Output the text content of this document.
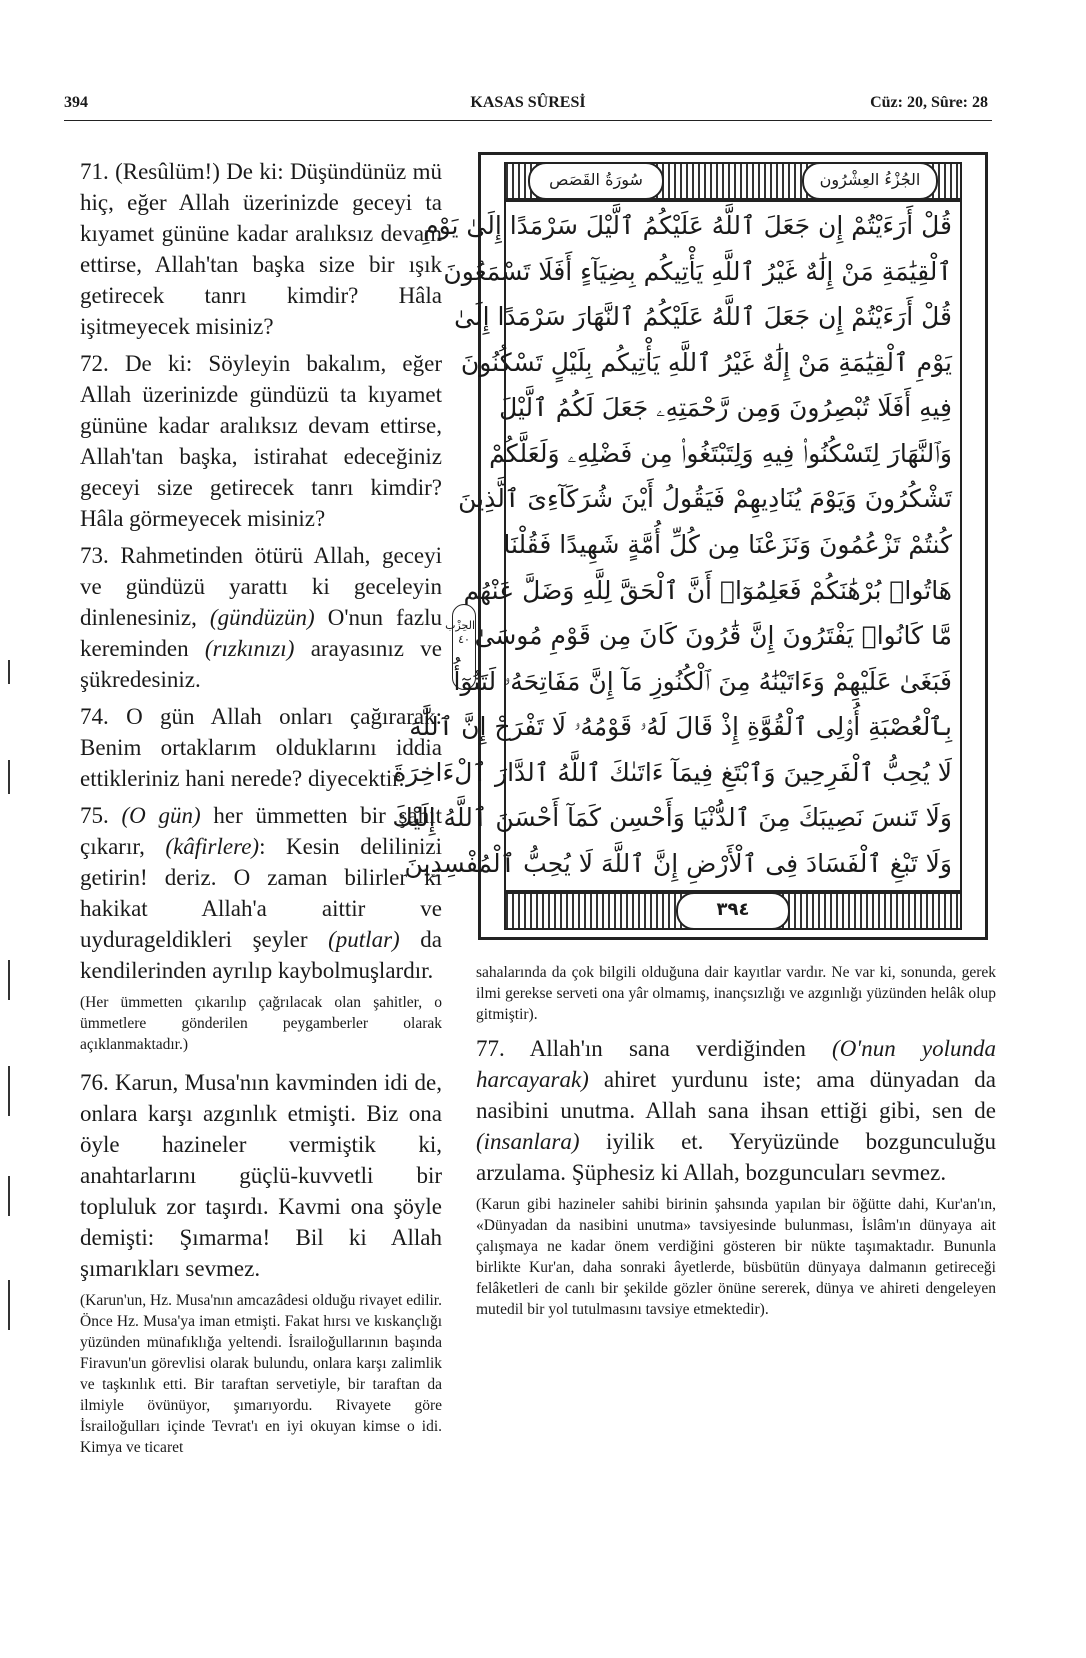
394	KASAS SÛRESİ	Cüz: 20, Sûre: 28

71. (Resûlüm!) De ki: Düşündünüz mü hiç, eğer Allah üzerinizde geceyi ta kıyamet gününe kadar aralıksız devam ettirse, Allah'tan başka size bir ışık getirecek tanrı kimdir? Hâla işitmeyecek misiniz?

72. De ki: Söyleyin bakalım, eğer Allah üzerinizde gündüzü ta kıyamet gününe kadar aralıksız devam ettirse, Allah'tan başka, istirahat edeceğiniz geceyi size getirecek tanrı kimdir? Hâla görmeyecek misiniz?

73. Rahmetinden ötürü Allah, geceyi ve gündüzü yarattı ki geceleyin dinlenesiniz, (gündüzün) O'nun fazlu kereminden (rızkınızı) arayasınız ve şükredesiniz.

74. O gün Allah onları çağırarak: Benim ortaklarım olduklarını iddia ettikleriniz hani nerede? diyecektir.

75. (O gün) her ümmetten bir şahit çıkarır, (kâfirlere): Kesin delilinizi getirin! deriz. O zaman bilirler ki hakikat Allah'a aittir ve uydurageldikleri şeyler (putlar) da kendilerinden ayrılıp kaybolmuşlardır.

(Her ümmetten çıkarılıp çağrılacak olan şahitler, o ümmetlere gönderilen peygamberler olarak açıklanmaktadır.)

76. Karun, Musa'nın kavminden idi de, onlara karşı azgınlık etmişti. Biz ona öyle hazineler vermiştik ki, anahtarlarını güçlü-kuvvetli bir topluluk zor taşırdı. Kavmi ona şöyle demişti: Şımarma! Bil ki Allah şımarıkları sevmez.

(Karun'un, Hz. Musa'nın amcazâdesi olduğu rivayet edilir. Önce Hz. Musa'ya iman etmişti. Fakat hırsı ve kıskançlığı yüzünden münafıklığa yeltendi. İsrailoğullarının başında Firavun'un görevlisi olarak bulundu, onlara karşı zalimlik ve taşkınlık etti. Bir taraftan servetiyle, bir taraftan da ilmiyle övünüyor, şımarıyordu. Rivayete göre İsrailoğulları içinde Tevrat'ı en iyi okuyan kimse o idi. Kimya ve ticaret

سُورَةُ القَصَص	الجُزْءُ العِشْرُون
الحِزْب ٤٠
قُلْ أَرَءَيْتُمْ إِن جَعَلَ ٱللَّهُ عَلَيْكُمُ ٱلَّيْلَ سَرْمَدًا إِلَىٰ يَوْمِ
ٱلْقِيَٰمَةِ مَنْ إِلَٰهٌ غَيْرُ ٱللَّهِ يَأْتِيكُم بِضِيَآءٍ أَفَلَا تَسْمَعُونَ
قُلْ أَرَءَيْتُمْ إِن جَعَلَ ٱللَّهُ عَلَيْكُمُ ٱلنَّهَارَ سَرْمَدًا إِلَىٰ
يَوْمِ ٱلْقِيَٰمَةِ مَنْ إِلَٰهٌ غَيْرُ ٱللَّهِ يَأْتِيكُم بِلَيْلٍ تَسْكُنُونَ
فِيهِ أَفَلَا تُبْصِرُونَ وَمِن رَّحْمَتِهِۦ جَعَلَ لَكُمُ ٱلَّيْلَ
وَٱلنَّهَارَ لِتَسْكُنُوا۟ فِيهِ وَلِتَبْتَغُوا۟ مِن فَضْلِهِۦ وَلَعَلَّكُمْ
تَشْكُرُونَ وَيَوْمَ يُنَادِيهِمْ فَيَقُولُ أَيْنَ شُرَكَآءِىَ ٱلَّذِينَ
كُنتُمْ تَزْعُمُونَ وَنَزَعْنَا مِن كُلِّ أُمَّةٍ شَهِيدًا فَقُلْنَا
هَاتُوا۟ بُرْهَٰنَكُمْ فَعَلِمُوٓا۟ أَنَّ ٱلْحَقَّ لِلَّهِ وَضَلَّ عَنْهُم
مَّا كَانُوا۟ يَفْتَرُونَ إِنَّ قَٰرُونَ كَانَ مِن قَوْمِ مُوسَىٰ
فَبَغَىٰ عَلَيْهِمْ وَءَاتَيْنَٰهُ مِنَ ٱلْكُنُوزِ مَآ إِنَّ مَفَاتِحَهُۥ لَتَنُوٓأُ
بِٱلْعُصْبَةِ أُو۟لِى ٱلْقُوَّةِ إِذْ قَالَ لَهُۥ قَوْمُهُۥ لَا تَفْرَحْ إِنَّ ٱللَّهَ
لَا يُحِبُّ ٱلْفَرِحِينَ وَٱبْتَغِ فِيمَآ ءَاتَىٰكَ ٱللَّهُ ٱلدَّارَ ٱلْءَاخِرَةَ
وَلَا تَنسَ نَصِيبَكَ مِنَ ٱلدُّنْيَا وَأَحْسِن كَمَآ أَحْسَنَ ٱللَّهُ إِلَيْكَ
وَلَا تَبْغِ ٱلْفَسَادَ فِى ٱلْأَرْضِ إِنَّ ٱللَّهَ لَا يُحِبُّ ٱلْمُفْسِدِينَ
٣٩٤

sahalarında da çok bilgili olduğuna dair kayıtlar vardır. Ne var ki, sonunda, gerek ilmi gerekse serveti ona yâr olmamış, inançsızlığı ve azgınlığı yüzünden helâk olup gitmiştir).

77. Allah'ın sana verdiğinden (O'nun yolunda harcayarak) ahiret yurdunu iste; ama dünyadan da nasibini unutma. Allah sana ihsan ettiği gibi, sen de (insanlara) iyilik et. Yeryüzünde bozgunculuğu arzulama. Şüphesiz ki Allah, bozguncuları sevmez.

(Karun gibi hazineler sahibi birinin şahsında yapılan bir öğütte dahi, Kur'an'ın, «Dünyadan da nasibini unutma» tavsiyesinde bulunması, İslâm'ın dünyaya ait çalışmaya ne kadar önem verdiğini gösteren bir nükte taşımaktadır. Bununla birlikte Kur'an, daha sonraki âyetlerde, büsbütün dünyaya dalmanın getireceği felâketleri de canlı bir şekilde gözler önüne sererek, dünya ve ahireti dengeleyen mutedil bir yol tutulmasını tavsiye etmektedir).
